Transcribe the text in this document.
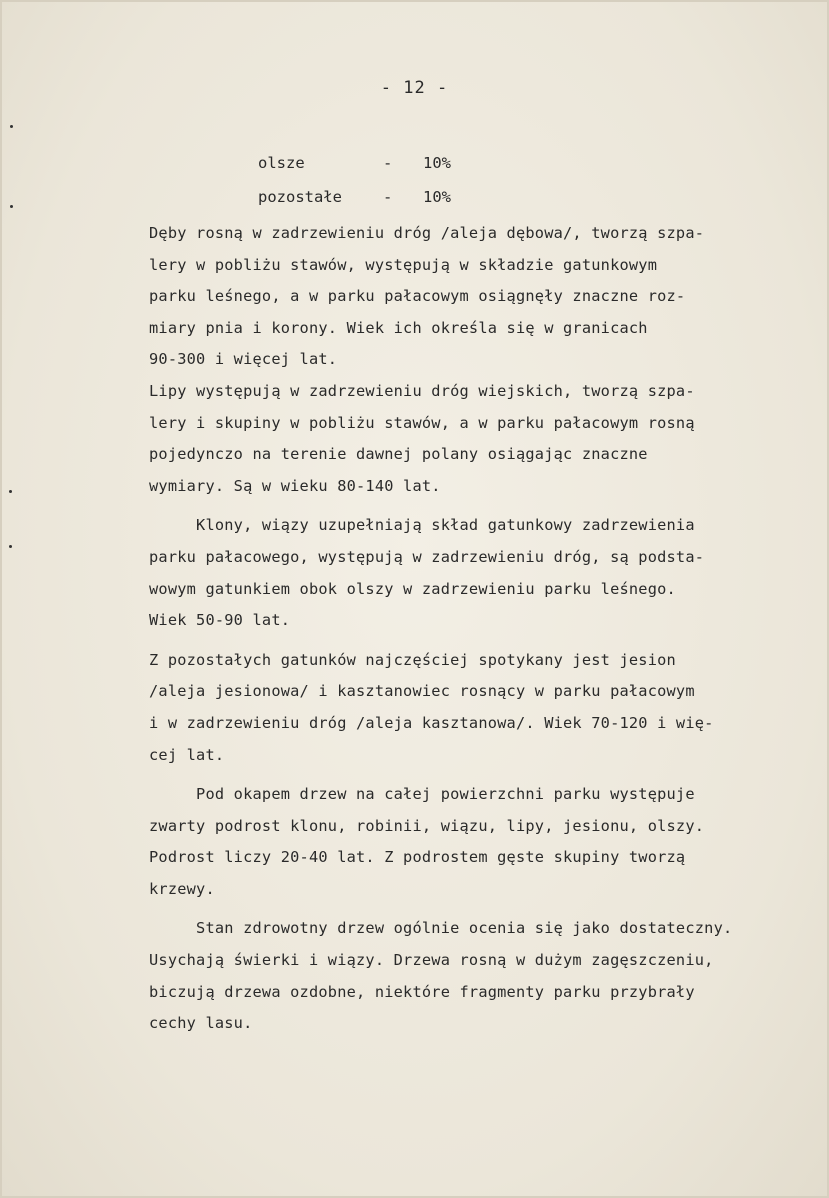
- 12 -
olsze	-	10%
pozostałe	-	10%
Dęby rosną w zadrzewieniu dróg /aleja dębowa/, tworzą szpa-
lery w pobliżu stawów, występują w składzie gatunkowym
parku leśnego, a w parku pałacowym osiągnęły znaczne roz-
miary pnia i korony. Wiek ich określa się w granicach
90-300 i więcej lat.
Lipy występują w zadrzewieniu dróg wiejskich, tworzą szpa-
lery i skupiny w pobliżu stawów, a w parku pałacowym rosną
pojedynczo na terenie dawnej polany osiągając znaczne
wymiary. Są w wieku 80-140 lat.
Klony, wiązy uzupełniają skład gatunkowy zadrzewienia
parku pałacowego, występują w zadrzewieniu dróg, są podsta-
wowym gatunkiem obok olszy w zadrzewieniu parku leśnego.
Wiek 50-90 lat.
Z pozostałych gatunków najczęściej spotykany jest jesion
/aleja jesionowa/ i kasztanowiec rosnący w parku pałacowym
i w zadrzewieniu dróg /aleja kasztanowa/. Wiek 70-120 i wię-
cej lat.
Pod okapem drzew na całej powierzchni parku występuje
zwarty podrost klonu, robinii, wiązu, lipy, jesionu, olszy.
Podrost liczy 20-40 lat. Z podrostem gęste skupiny tworzą
krzewy.
Stan zdrowotny drzew ogólnie ocenia się jako dostateczny.
Usychają świerki i wiązy. Drzewa rosną w dużym zagęszczeniu,
biczują drzewa ozdobne, niektóre fragmenty parku przybrały
cechy lasu.
